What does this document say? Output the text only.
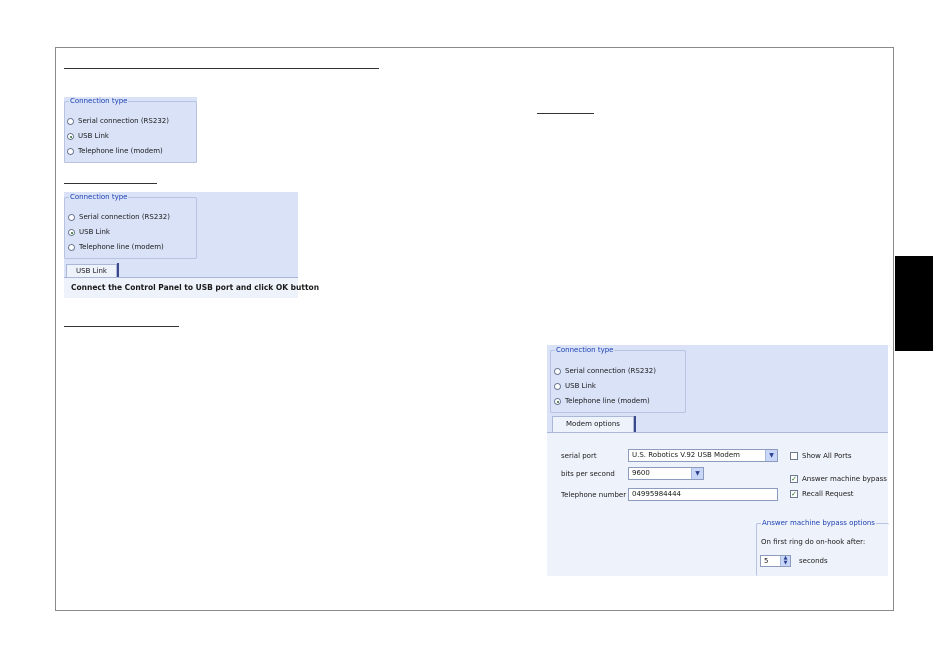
Connection type
Serial connection (RS232)
USB Link
Telephone line (modem)
Connection type
Serial connection (RS232)
USB Link
Telephone line (modem)
USB Link
Connect the Control Panel to USB port and click OK button
Connection type
Serial connection (RS232)
USB Link
Telephone line (modem)
Modem options
serial port	U.S. Robotics V.92 USB Modem	▼
bits per second 9600	▼
Telephone number 04995984444
Show All Ports
✓ Answer machine bypass
✓ Recall Request
Answer machine bypass options
On first ring do on-hook after:
5	▲
▼ seconds
